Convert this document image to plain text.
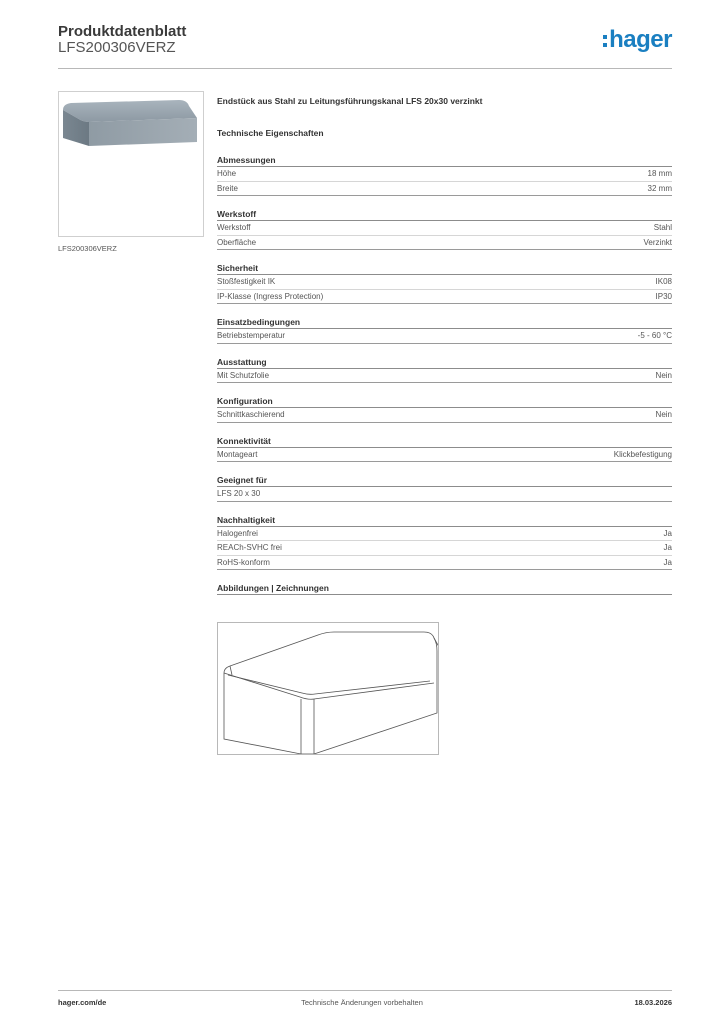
Produktdatenblatt
LFS200306VERZ	hager
LFS200306VERZ
Endstück aus Stahl zu Leitungsführungskanal LFS 20x30 verzinkt
Technische Eigenschaften
Abmessungen
Höhe	18 mm
Breite	32 mm
Werkstoff
Werkstoff	Stahl
Oberfläche	Verzinkt
Sicherheit
Stoßfestigkeit IK	IK08
IP-Klasse (Ingress Protection)	IP30
Einsatzbedingungen
Betriebstemperatur	-5 - 60 °C
Ausstattung
Mit Schutzfolie	Nein
Konfiguration
Schnittkaschierend	Nein
Konnektivität
Montageart	Klickbefestigung
Geeignet für
LFS 20 x 30
Nachhaltigkeit
Halogenfrei	Ja
REACh-SVHC frei	Ja
RoHS-konform	Ja
Abbildungen | Zeichnungen
hager.com/de	Technische Änderungen vorbehalten	18.03.2026
